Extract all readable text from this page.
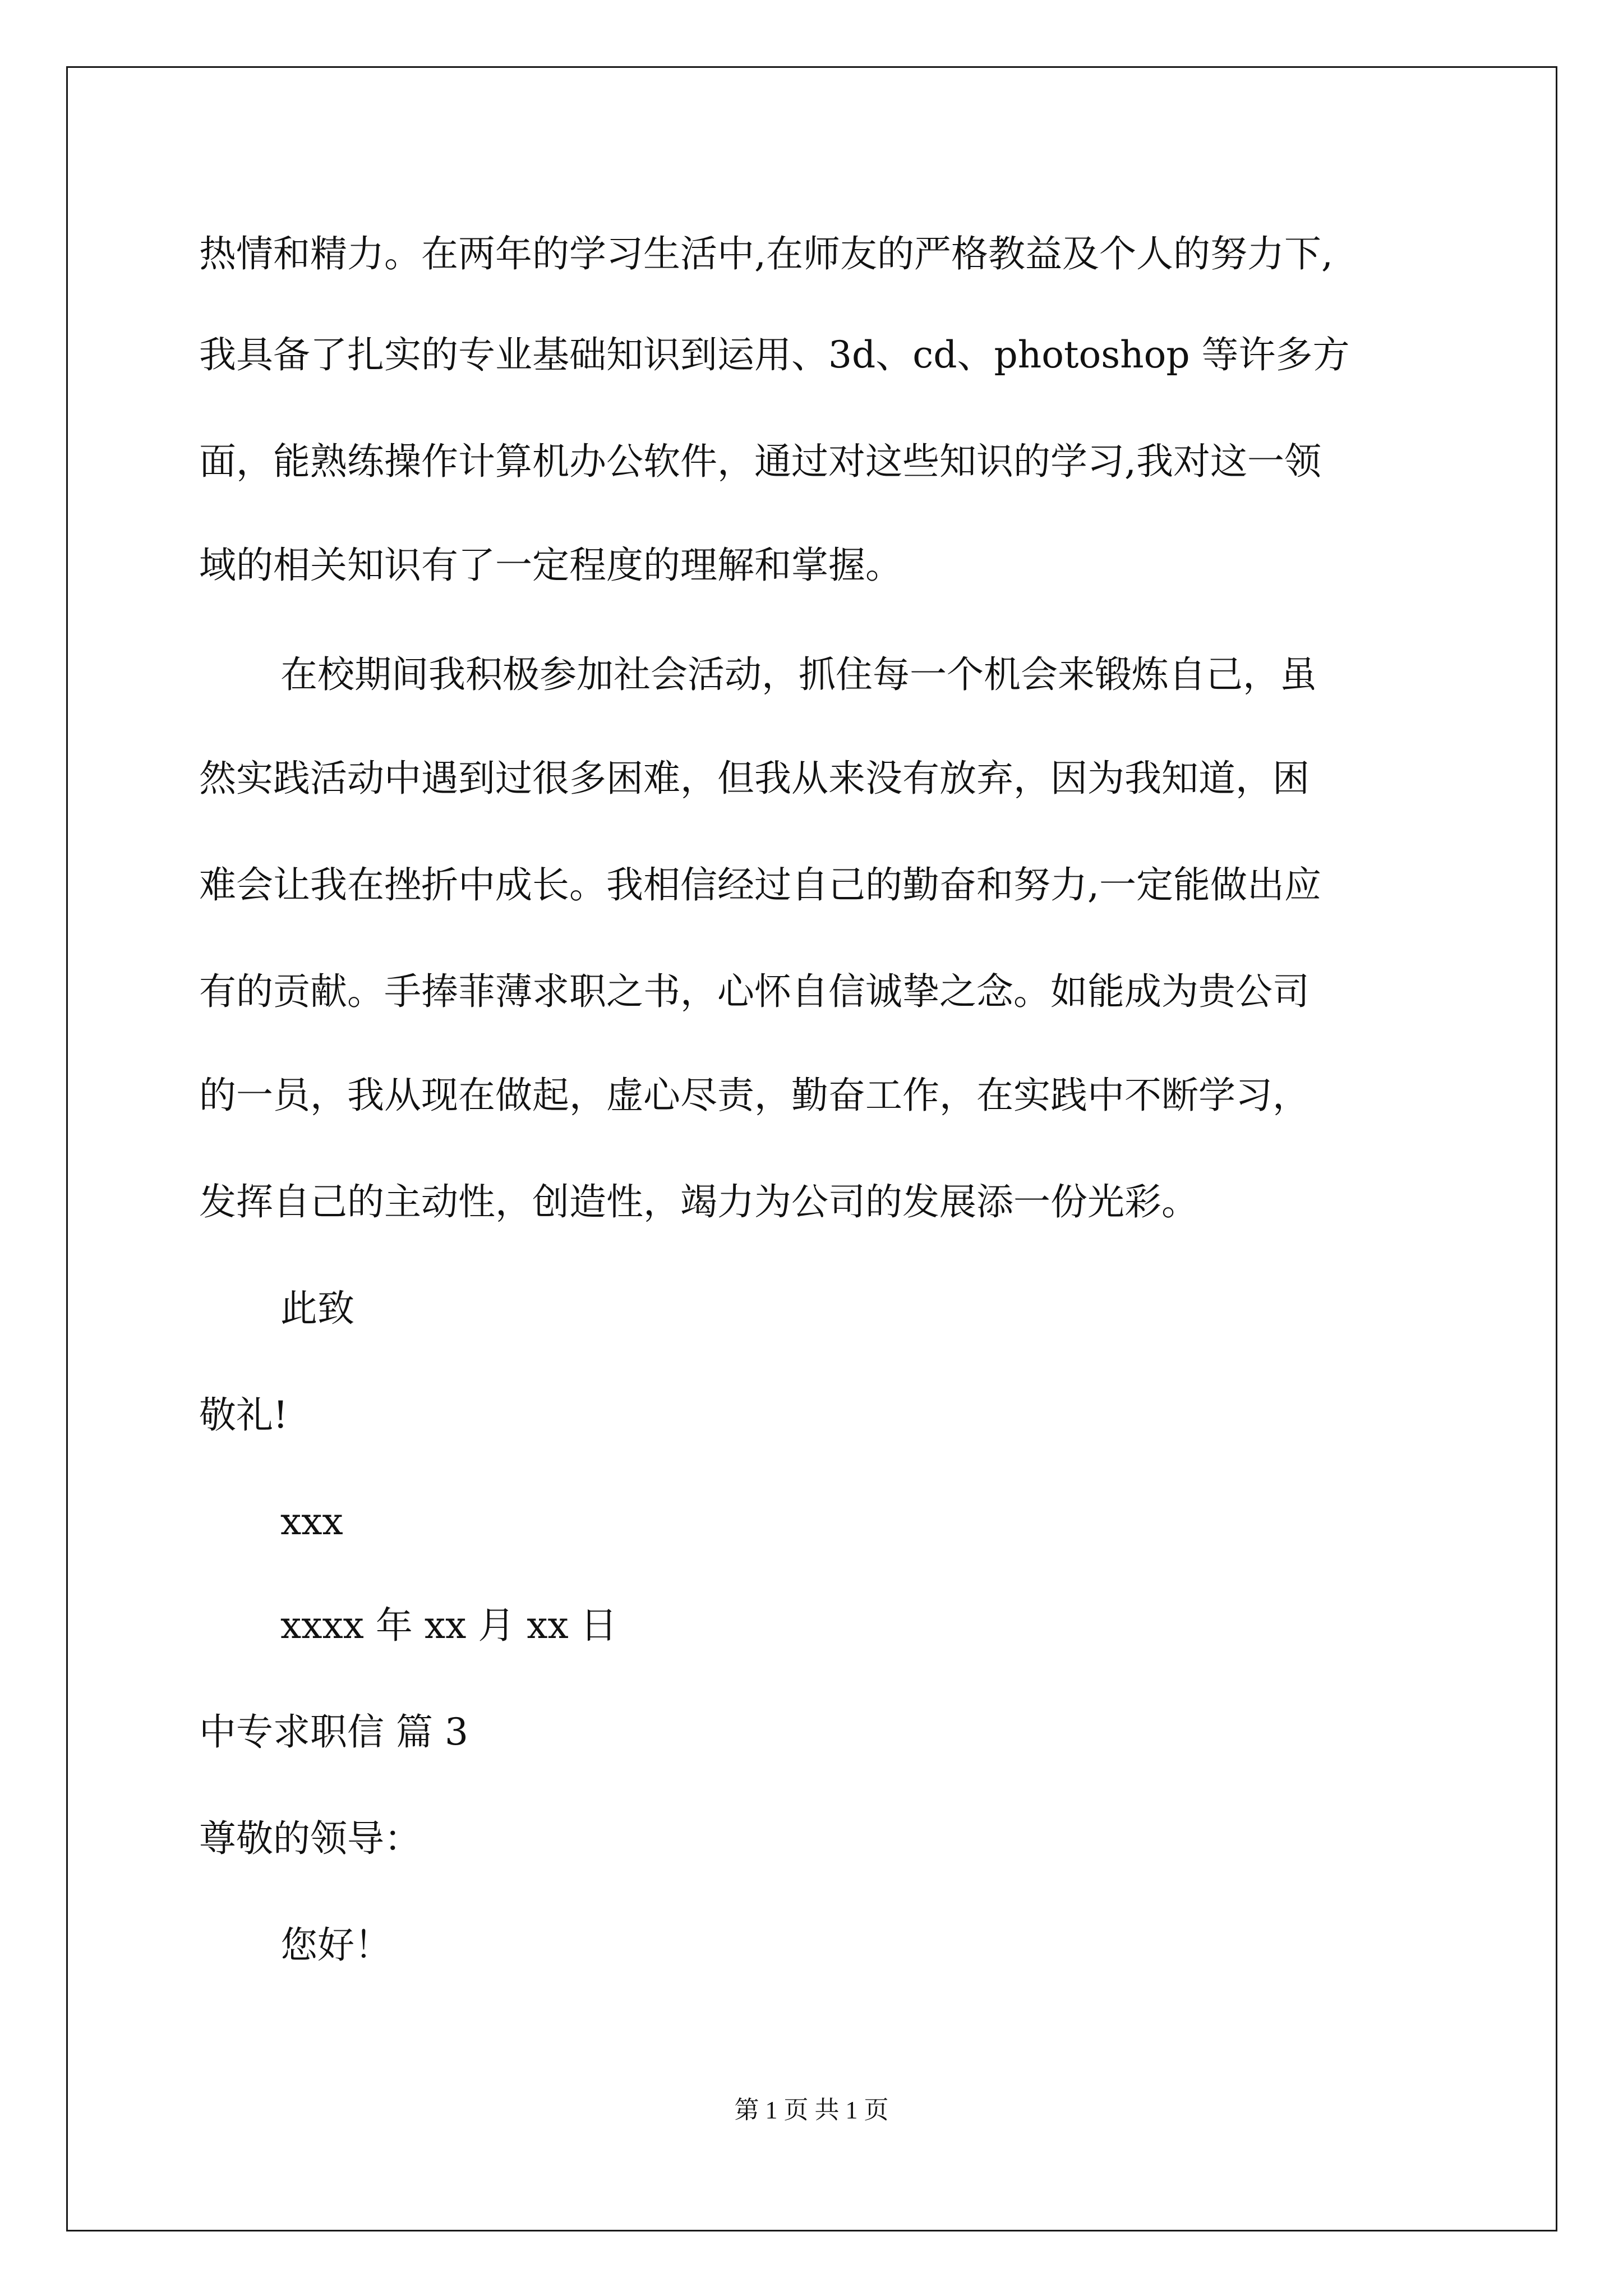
热情和精力。在两年的学习生活中,在师友的严格教益及个人的努力下,
我具备了扎实的专业基础知识到运用、3d、cd、photoshop 等许多方
面，能熟练操作计算机办公软件，通过对这些知识的学习,我对这一领
域的相关知识有了一定程度的理解和掌握。
在校期间我积极参加社会活动，抓住每一个机会来锻炼自己，虽
然实践活动中遇到过很多困难，但我从来没有放弃，因为我知道，困
难会让我在挫折中成长。我相信经过自己的勤奋和努力,一定能做出应
有的贡献。手捧菲薄求职之书，心怀自信诚挚之念。如能成为贵公司
的一员，我从现在做起，虚心尽责，勤奋工作，在实践中不断学习，
发挥自己的主动性，创造性，竭力为公司的发展添一份光彩。
此致
敬礼!
xxx
xxxx 年 xx 月 xx 日
中专求职信 篇 3
尊敬的领导：
您好！
第 1 页 共 1 页
